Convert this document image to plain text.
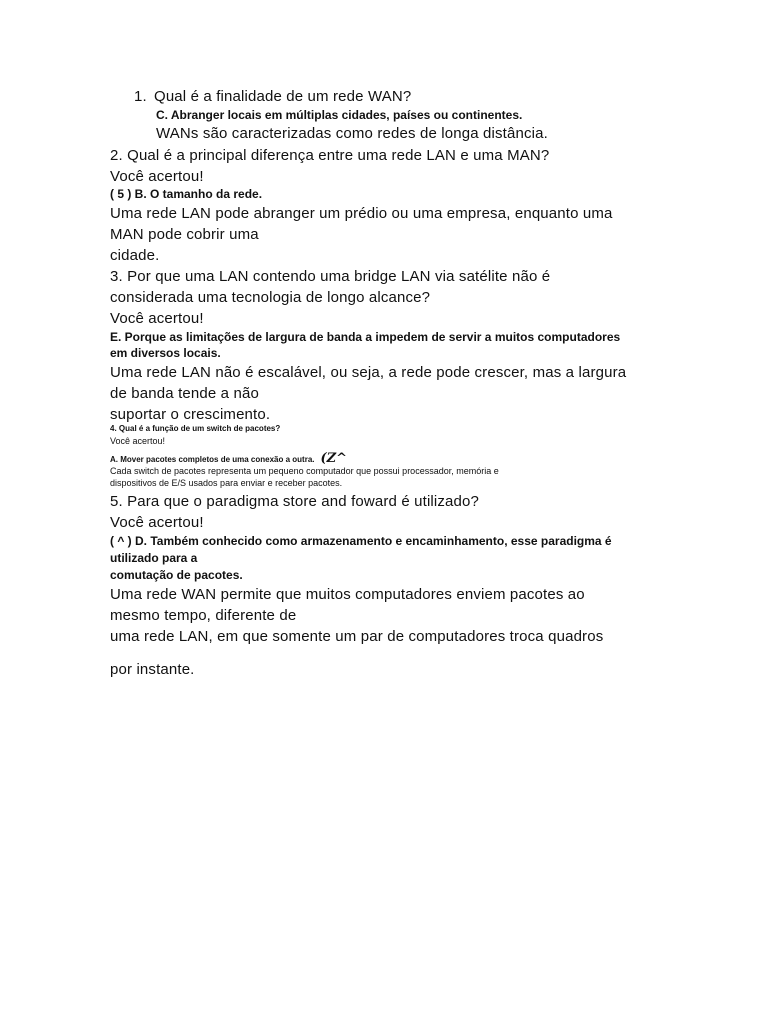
1. Qual é a finalidade de um rede WAN?

C. Abranger locais em múltiplas cidades, países ou continentes.

WANs são caracterizadas como redes de longa distância.

2. Qual é a principal diferença entre uma rede LAN e uma MAN?

Você acertou!

( 5 ) B. O tamanho da rede.

Uma rede LAN pode abranger um prédio ou uma empresa, enquanto uma

MAN pode cobrir uma

cidade.

3. Por que uma LAN contendo uma bridge LAN via satélite não é

considerada uma tecnologia de longo alcance?

Você acertou!

E. Porque as limitações de largura de banda a impedem de servir a muitos computadores

em diversos locais.

Uma rede LAN não é escalável, ou seja, a rede pode crescer, mas a largura

de banda tende a não

suportar o crescimento.

4. Qual é a função de um switch de pacotes?

Você acertou!

A. Mover pacotes completos de uma conexão a outra. (Z^

Cada switch de pacotes representa um pequeno computador que possui processador, memória e

dispositivos de E/S usados para enviar e receber pacotes.

5. Para que o paradigma store and foward é utilizado?

Você acertou!

( ^ ) D. Também conhecido como armazenamento e encaminhamento, esse paradigma é

utilizado para a

comutação de pacotes.

Uma rede WAN permite que muitos computadores enviem pacotes ao

mesmo tempo, diferente de

uma rede LAN, em que somente um par de computadores troca quadros

por instante.
